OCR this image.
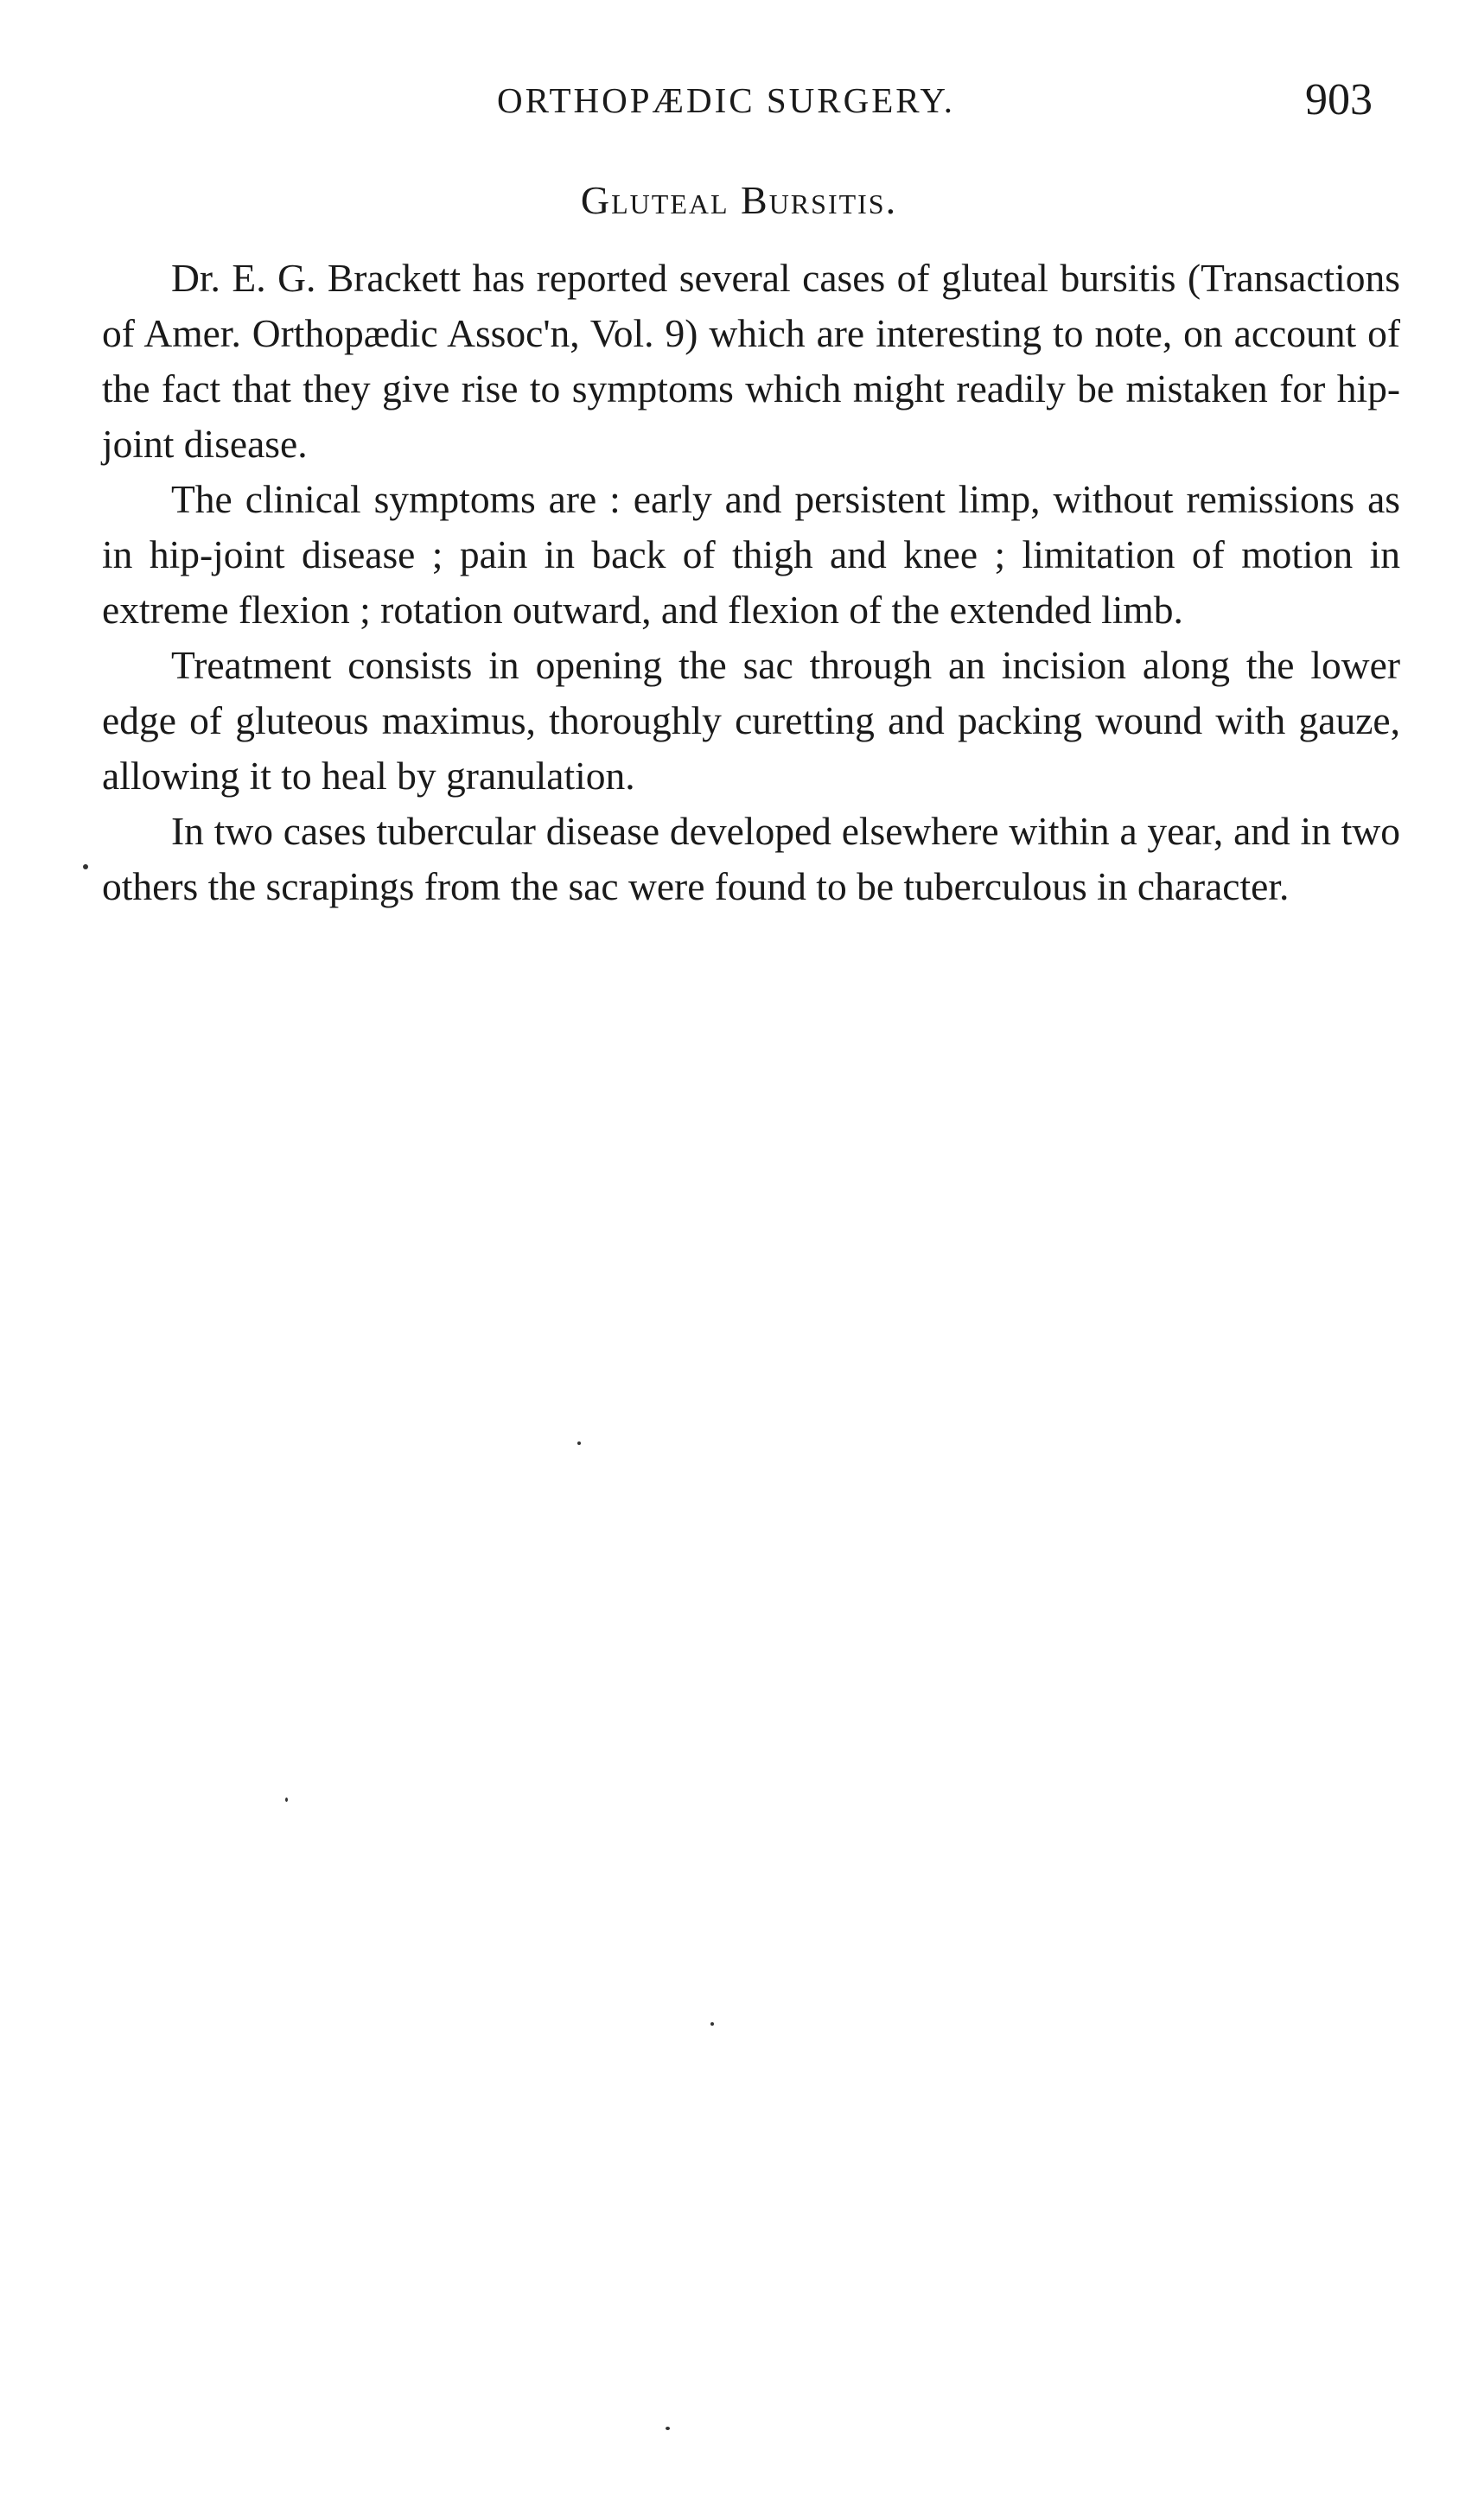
ORTHOPÆDIC SURGERY.	903
Gluteal Bursitis.

Dr. E. G. Brackett has reported several cases of gluteal bursitis (Transactions of Amer. Orthopædic Assoc'n, Vol. 9) which are interesting to note, on account of the fact that they give rise to symptoms which might readily be mistaken for hip-joint disease.

The clinical symptoms are : early and persistent limp, without remissions as in hip-joint disease ; pain in back of thigh and knee ; limitation of motion in extreme flexion ; rotation outward, and flexion of the extended limb.

Treatment consists in opening the sac through an incision along the lower edge of gluteous maximus, thoroughly curetting and packing wound with gauze, allowing it to heal by granulation.

In two cases tubercular disease developed elsewhere within a year, and in two others the scrapings from the sac were found to be tuberculous in character.
